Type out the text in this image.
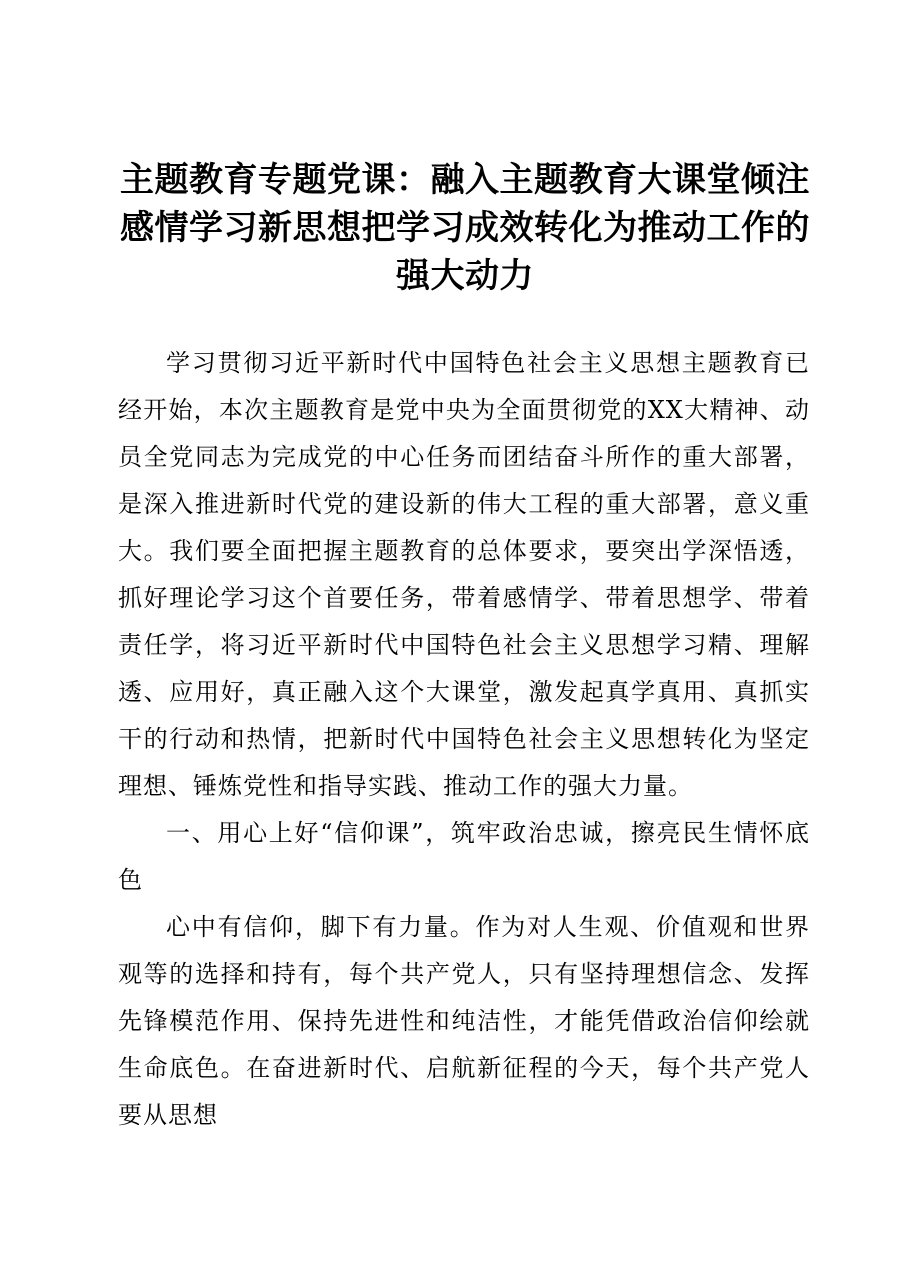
主题教育专题党课：融入主题教育大课堂倾注感情学习新思想把学习成效转化为推动工作的强大动力

学习贯彻习近平新时代中国特色社会主义思想主题教育已经开始，本次主题教育是党中央为全面贯彻党的XX大精神、动员全党同志为完成党的中心任务而团结奋斗所作的重大部署，是深入推进新时代党的建设新的伟大工程的重大部署，意义重大。我们要全面把握主题教育的总体要求，要突出学深悟透，抓好理论学习这个首要任务，带着感情学、带着思想学、带着责任学，将习近平新时代中国特色社会主义思想学习精、理解透、应用好，真正融入这个大课堂，激发起真学真用、真抓实干的行动和热情，把新时代中国特色社会主义思想转化为坚定理想、锤炼党性和指导实践、推动工作的强大力量。

一、用心上好“信仰课”，筑牢政治忠诚，擦亮民生情怀底色

心中有信仰，脚下有力量。作为对人生观、价值观和世界观等的选择和持有，每个共产党人，只有坚持理想信念、发挥先锋模范作用、保持先进性和纯洁性，才能凭借政治信仰绘就生命底色。在奋进新时代、启航新征程的今天，每个共产党人要从思想
